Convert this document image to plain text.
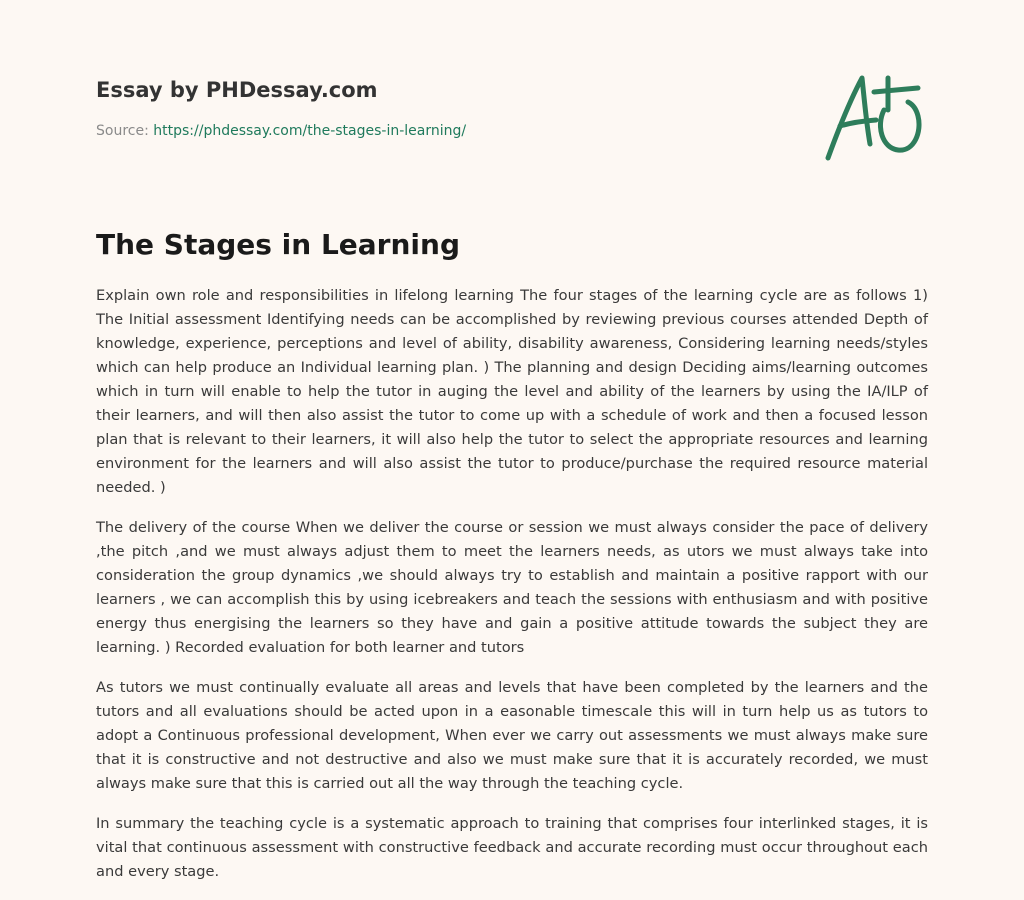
Essay by PHDessay.com
Source: https://phdessay.com/the-stages-in-learning/
The Stages in Learning

Explain own role and responsibilities in lifelong learning The four stages of the learning cycle are as follows 1) The Initial assessment Identifying needs can be accomplished by reviewing previous courses attended Depth of knowledge, experience, perceptions and level of ability, disability awareness, Considering learning needs/styles which can help produce an Individual learning plan. ) The planning and design Deciding aims/learning outcomes which in turn will enable to help the tutor in auging the level and ability of the learners by using the IA/ILP of their learners, and will then also assist the tutor to come up with a schedule of work and then a focused lesson plan that is relevant to their learners, it will also help the tutor to select the appropriate resources and learning environment for the learners and will also assist the tutor to produce/purchase the required resource material needed. )

The delivery of the course When we deliver the course or session we must always consider the pace of delivery ,the pitch ,and we must always adjust them to meet the learners needs, as utors we must always take into consideration the group dynamics ,we should always try to establish and maintain a positive rapport with our learners , we can accomplish this by using icebreakers and teach the sessions with enthusiasm and with positive energy thus energising the learners so they have and gain a positive attitude towards the subject they are learning. ) Recorded evaluation for both learner and tutors

As tutors we must continually evaluate all areas and levels that have been completed by the learners and the tutors and all evaluations should be acted upon in a easonable timescale this will in turn help us as tutors to adopt a Continuous professional development, When ever we carry out assessments we must always make sure that it is constructive and not destructive and also we must make sure that it is accurately recorded, we must always make sure that this is carried out all the way through the teaching cycle.

In summary the teaching cycle is a systematic approach to training that comprises four interlinked stages, it is vital that continuous assessment with constructive feedback and accurate recording must occur throughout each and every stage.
